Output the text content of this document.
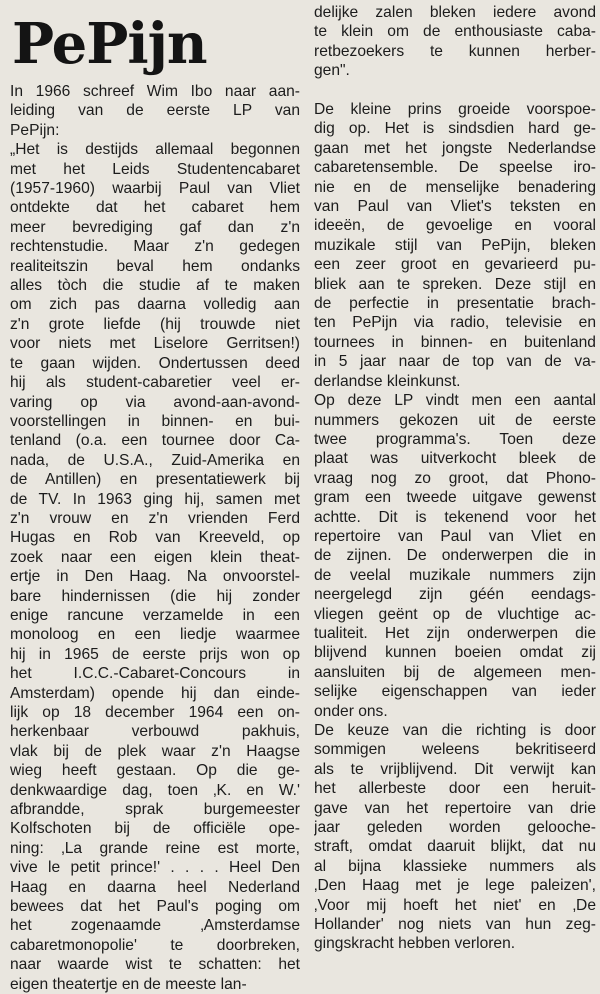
PePijn
In 1966 schreef Wim Ibo naar aan-
leiding van de eerste LP van
PePijn:
„Het is destijds allemaal begonnen
met het Leids Studentencabaret
(1957-1960) waarbij Paul van Vliet
ontdekte dat het cabaret hem
meer bevrediging gaf dan z'n
rechtenstudie. Maar z'n gedegen
realiteitszin beval hem ondanks
alles tòch die studie af te maken
om zich pas daarna volledig aan
z'n grote liefde (hij trouwde niet
voor niets met Liselore Gerritsen!)
te gaan wijden. Ondertussen deed
hij als student-cabaretier veel er-
varing op via avond-aan-avond-
voorstellingen in binnen- en bui-
tenland (o.a. een tournee door Ca-
nada, de U.S.A., Zuid-Amerika en
de Antillen) en presentatiewerk bij
de TV. In 1963 ging hij, samen met
z'n vrouw en z'n vrienden Ferd
Hugas en Rob van Kreeveld, op
zoek naar een eigen klein theat-
ertje in Den Haag. Na onvoorstel-
bare hindernissen (die hij zonder
enige rancune verzamelde in een
monoloog en een liedje waarmee
hij in 1965 de eerste prijs won op
het I.C.C.-Cabaret-Concours in
Amsterdam) opende hij dan einde-
lijk op 18 december 1964 een on-
herkenbaar verbouwd pakhuis,
vlak bij de plek waar z'n Haagse
wieg heeft gestaan. Op die ge-
denkwaardige dag, toen ‚K. en W.'
afbrandde, sprak burgemeester
Kolfschoten bij de officiële ope-
ning: ‚La grande reine est morte,
vive le petit prince!' . . . . Heel Den
Haag en daarna heel Nederland
bewees dat het Paul's poging om
het zogenaamde ‚Amsterdamse
cabaretmonopolie' te doorbreken,
naar waarde wist te schatten: het
eigen theatertje en de meeste lan-
delijke zalen bleken iedere avond
te klein om de enthousiaste caba-
retbezoekers te kunnen herber-
gen".
De kleine prins groeide voorspoe-
dig op. Het is sindsdien hard ge-
gaan met het jongste Nederlandse
cabaretensemble. De speelse iro-
nie en de menselijke benadering
van Paul van Vliet's teksten en
ideeën, de gevoelige en vooral
muzikale stijl van PePijn, bleken
een zeer groot en gevarieerd pu-
bliek aan te spreken. Deze stijl en
de perfectie in presentatie brach-
ten PePijn via radio, televisie en
tournees in binnen- en buitenland
in 5 jaar naar de top van de va-
derlandse kleinkunst.
Op deze LP vindt men een aantal
nummers gekozen uit de eerste
twee programma's. Toen deze
plaat was uitverkocht bleek de
vraag nog zo groot, dat Phono-
gram een tweede uitgave gewenst
achtte. Dit is tekenend voor het
repertoire van Paul van Vliet en
de zijnen. De onderwerpen die in
de veelal muzikale nummers zijn
neergelegd zijn géén eendags-
vliegen geënt op de vluchtige ac-
tualiteit. Het zijn onderwerpen die
blijvend kunnen boeien omdat zij
aansluiten bij de algemeen men-
selijke eigenschappen van ieder
onder ons.
De keuze van die richting is door
sommigen weleens bekritiseerd
als te vrijblijvend. Dit verwijt kan
het allerbeste door een heruit-
gave van het repertoire van drie
jaar geleden worden gelooche-
straft, omdat daaruit blijkt, dat nu
al bijna klassieke nummers als
‚Den Haag met je lege paleizen',
‚Voor mij hoeft het niet' en ‚De
Hollander' nog niets van hun zeg-
gingskracht hebben verloren.
